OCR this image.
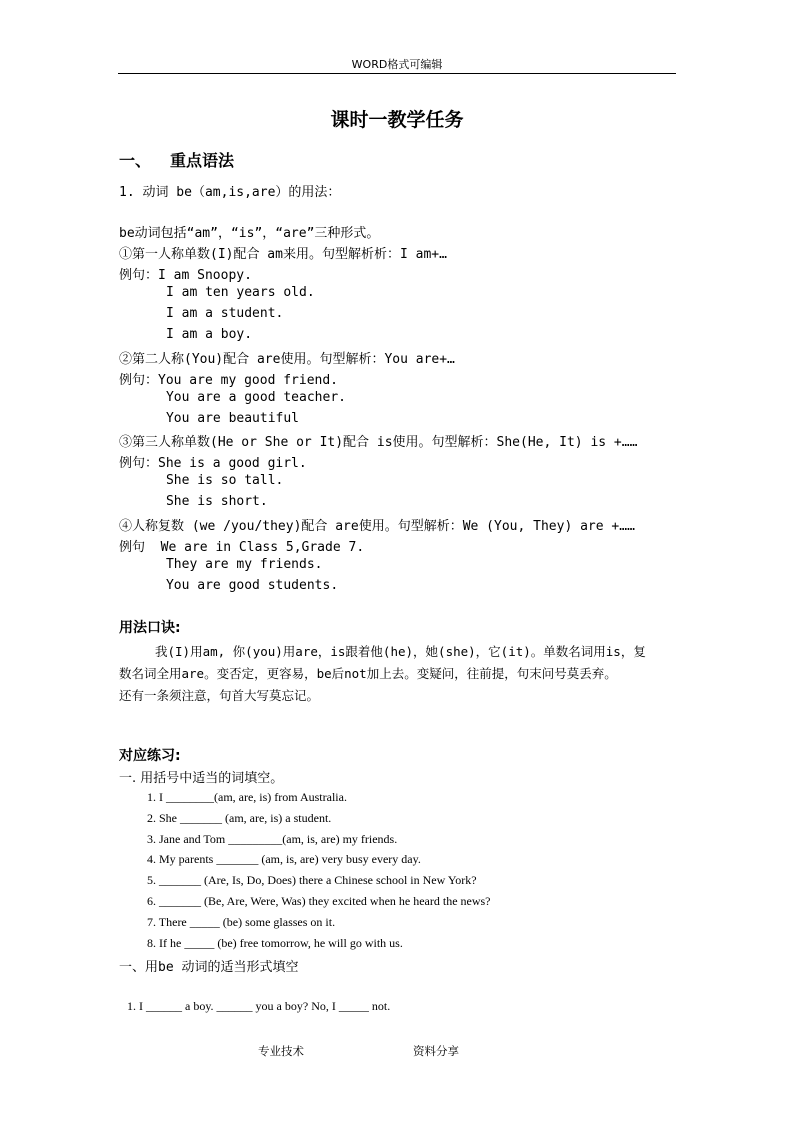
WORD格式可编辑
课时一教学任务
一、 重点语法
1. 动词 be（am,is,are）的用法：
be动词包括“am”，“is”，“are”三种形式。
①第一人称单数(I)配合 am来用。句型解析析：I am+…
例句：I am Snoopy.
I am ten years old.
I am a student.
I am a boy.
②第二人称(You)配合 are使用。句型解析：You are+…
例句：You are my good friend.
You are a good teacher.
You are beautiful
③第三人称单数(He or She or It)配合 is使用。句型解析：She(He, It) is +……
例句：She is a good girl.
She is so tall.
She is short.
④人称复数 (we /you/they)配合 are使用。句型解析：We (You, They) are +……
例句  We are in Class 5,Grade 7.
They are my friends.
You are good students.
用法口诀:
我(I)用am, 你(you)用are，is跟着他(he)，她(she)，它(it)。单数名词用is，复
数名词全用are。变否定，更容易，be后not加上去。变疑问，往前提，句末问号莫丢弃。
还有一条须注意，句首大写莫忘记。
对应练习:
一. 用括号中适当的词填空。
1. I ________(am, are, is) from Australia.
2. She _______ (am, are, is) a student.
3. Jane and Tom _________(am, is, are) my friends.
4. My parents _______ (am, is, are) very busy every day.
5. _______ (Are, Is, Do, Does) there a Chinese school in New York?
6. _______ (Be, Are, Were, Was) they excited when he heard the news?
7. There _____ (be) some glasses on it.
8. If he _____ (be) free tomorrow, he will go with us.
一、用be 动词的适当形式填空
1. I ______ a boy. ______ you a boy? No, I _____ not.
专业技术	资料分享
